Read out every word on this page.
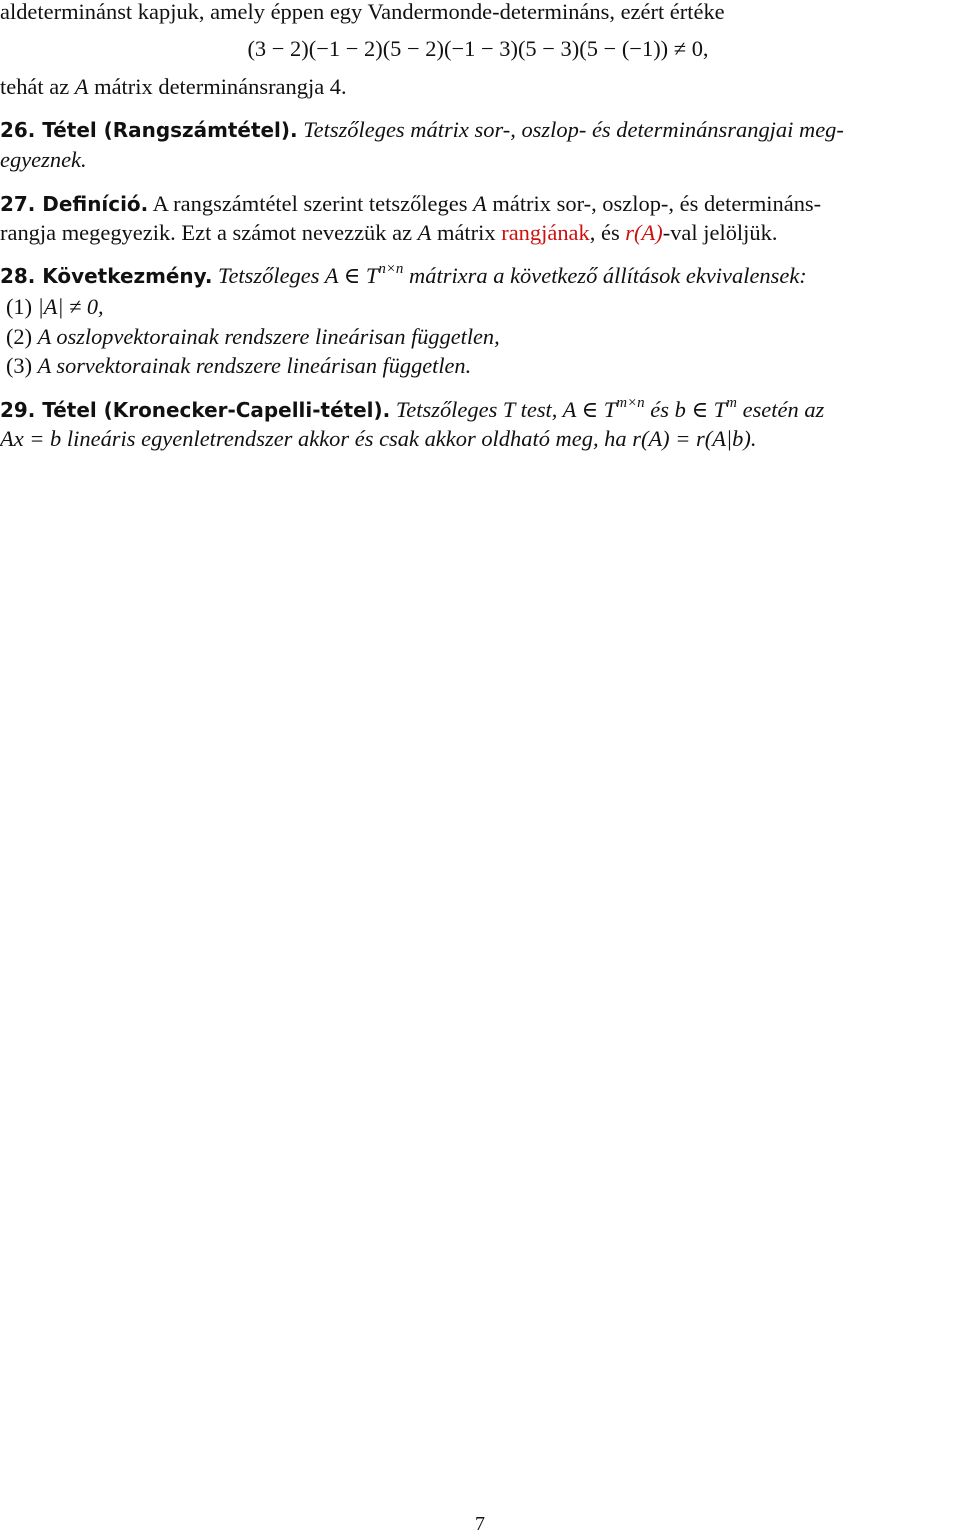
aldeterminánst kapjuk, amely éppen egy Vandermonde-determináns, ezért értéke
(3 − 2)(−1 − 2)(5 − 2)(−1 − 3)(5 − 3)(5 − (−1)) ≠ 0,
tehát az A mátrix determinánsrangja 4.
26. Tétel (Rangszámtétel). Tetszőleges mátrix sor-, oszlop- és determinánsrangjai meg-
egyeznek.
27. Definíció. A rangszámtétel szerint tetszőleges A mátrix sor-, oszlop-, és determináns-
rangja megegyezik. Ezt a számot nevezzük az A mátrix rangjának, és r(A)-val jelöljük.
28. Következmény. Tetszőleges A ∈ $T^{n\times n}$ mátrixra a következő állítások ekvivalensek:
(1) |A| ≠ 0,
(2) A oszlopvektorainak rendszere lineárisan független,
(3) A sorvektorainak rendszere lineárisan független.
29. Tétel (Kronecker-Capelli-tétel). Tetszőleges T test, A ∈ $T^{m\times n}$ és b ∈ $T^m$ esetén az
Ax = b lineáris egyenletrendszer akkor és csak akkor oldható meg, ha r(A) = r(A|b).
7
